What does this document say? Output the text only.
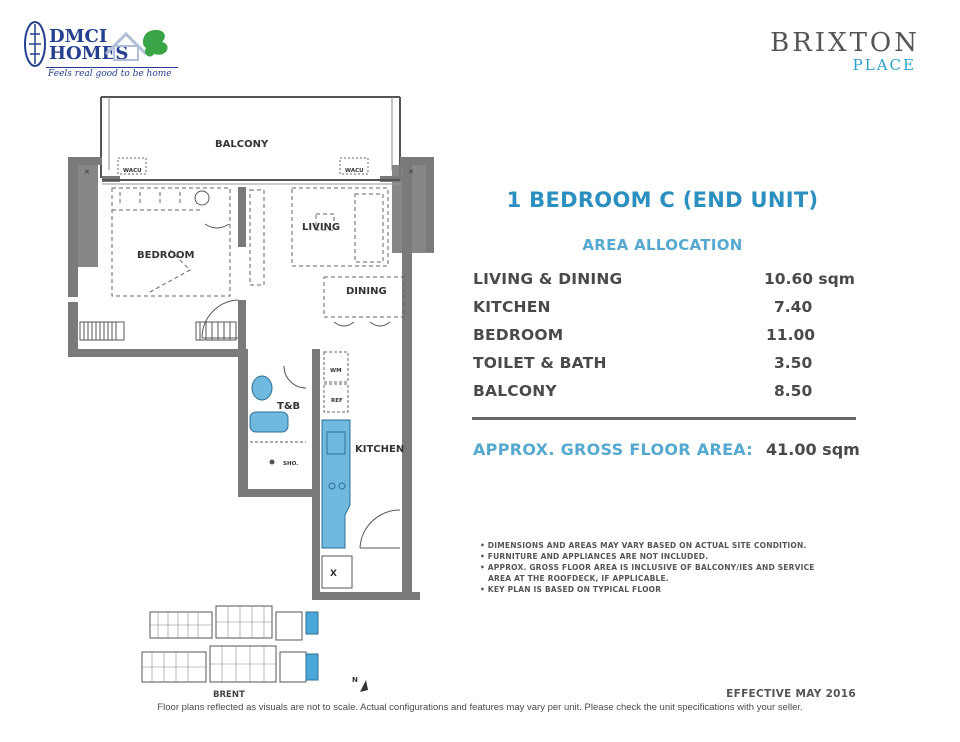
DMCI
HOMES
Feels real good to be home
BRIXTON
PLACE
✕	✕
WACU	WACU
BALCONY
BEDROOM
LIVING
DINING
T&B
SHO.
WM
REF
KITCHEN
X
1 BEDROOM C (END UNIT)
AREA ALLOCATION
LIVING & DINING	10.60 sqm
KITCHEN	7.40
BEDROOM	11.00
TOILET & BATH	3.50
BALCONY	8.50
APPROX. GROSS FLOOR AREA: 41.00 sqm
• DIMENSIONS AND AREAS MAY VARY BASED ON ACTUAL SITE CONDITION.
• FURNITURE AND APPLIANCES ARE NOT INCLUDED.
• APPROX. GROSS FLOOR AREA IS INCLUSIVE OF BALCONY/IES AND SERVICE
AREA AT THE ROOFDECK, IF APPLICABLE.
• KEY PLAN IS BASED ON TYPICAL FLOOR
BRENT
N
EFFECTIVE MAY 2016
Floor plans reflected as visuals are not to scale. Actual configurations and features may vary per unit. Please check the unit specifications with your seller.
